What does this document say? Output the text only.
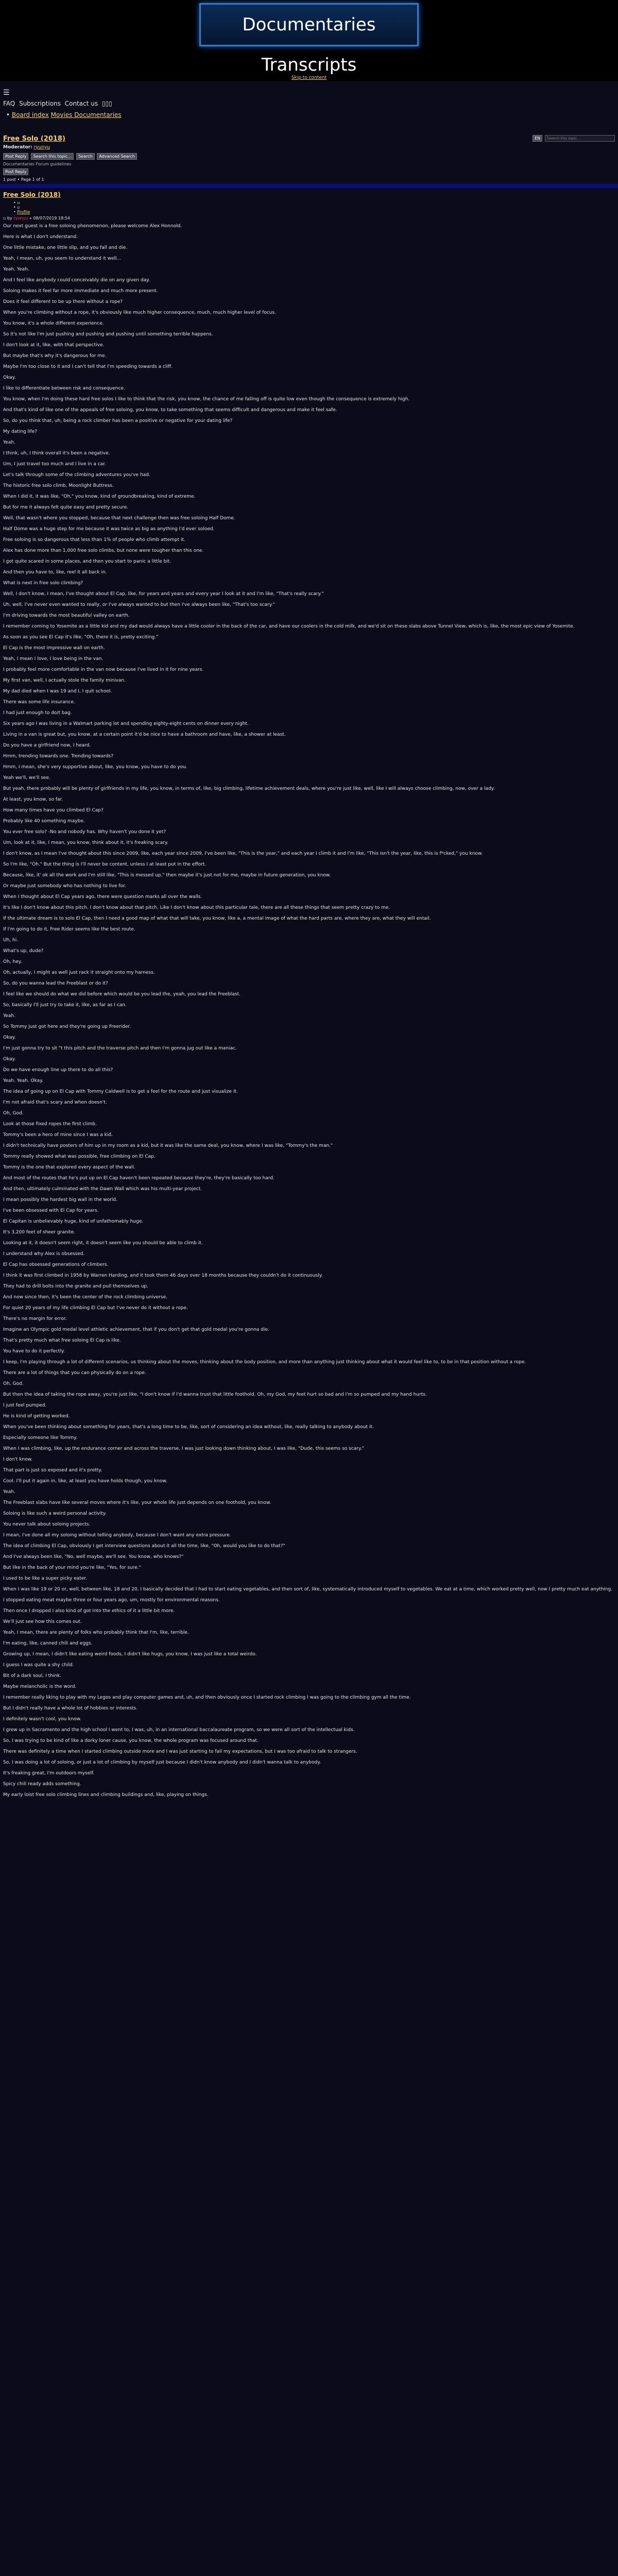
Documentaries Transcripts
Skip to content
☰
FAQ Subscriptions Contact us ▯▯▯
• Board index Movies Documentaries
Free Solo (2018)
Moderator: ryunyu
Post Reply Search this topic… Search Advanced Search
EN Search this topic…
Documentaries Forum guidelines
Post Reply
1 post • Page 1 of 1
Free Solo (2018)
• ▫
• ▫
• Profile
▫ by ryunyu » 08/07/2019 18:54

Our next guest is a free soloing phenomenon, please welcome Alex Honnold.

Here is what I don't understand.

One little mistake, one little slip, and you fall and die.

Yeah, I mean, uh, you seem to understand it well...

Yeah. Yeah.

And I feel like anybody could conceivably die on any given day.

Soloing makes it feel far more immediate and much more present.

Does it feel different to be up there without a rope?

When you're climbing without a rope, it's obviously like much higher consequence, much, much higher level of focus.

You know, it's a whole different experience.

So it's not like I'm just pushing and pushing and pushing until something terrible happens.

I don't look at it, like, with that perspective.

But maybe that's why it's dangerous for me.

Maybe I'm too close to it and I can't tell that I'm speeding towards a cliff.

Okay.

I like to differentiate between risk and consequence.

You know, when I'm doing these hard free solos I like to think that the risk, you know, the chance of me falling off is quite low even though the consequence is extremely high.

And that's kind of like one of the appeals of free soloing, you know, to take something that seems difficult and dangerous and make it feel safe.

So, do you think that, uh, being a rock climber has been a positive or negative for your dating life?

My dating life?

Yeah.

I think, uh, I think overall it's been a negative.

Um, I just travel too much and I live in a car.

Let's talk through some of the climbing adventures you've had.

The historic free solo climb, Moonlight Buttress.

When I did it, it was like, "Oh," you know, kind of groundbreaking, kind of extreme.

But for me it always felt quite easy and pretty secure.

Well, that wasn't where you stopped, because that next challenge then was free soloing Half Dome.

Half Dome was a huge step for me because it was twice as big as anything I'd ever soloed.

Free soloing is so dangerous that less than 1% of people who climb attempt it.

Alex has done more than 1,000 free solo climbs, but none were tougher than this one.

I got quite scared in some places, and then you start to panic a little bit.

And then you have to, like, reel it all back in.

What is next in free solo climbing?

Well, I don't know, I mean, I've thought about El Cap, like, for years and years and every year I look at it and I'm like, "That's really scary."

Uh, well, I've never even wanted to really, or I've always wanted to but then I've always been like, "That's too scary."

I'm driving towards the most beautiful valley on earth.

I remember coming to Yosemite as a little kid and my dad would always have a little cooler in the back of the car, and have our coolers in the cold milk, and we'd sit on these slabs above Tunnel View, which is, like, the most epic view of Yosemite.

As soon as you see El Cap it's like, "Oh, there it is, pretty exciting."

El Cap is the most impressive wall on earth.

Yeah, I mean I love, I love being in the van.

I probably feel more comfortable in the van now because I've lived in it for nine years.

My first van, well, I actually stole the family minivan.

My dad died when I was 19 and I, I quit school.

There was some life insurance.

I had just enough to do/t bag.

Six years ago I was living in a Walmart parking lot and spending eighty-eight cents on dinner every night.

Living in a van is great but, you know, at a certain point it'd be nice to have a bathroom and have, like, a shower at least.

Do you have a girlfriend now, I heard.

Hmm, trending towards one. Trending towards?

Hmm, I mean, she's very supportive about, like, you know, you have to do you.

Yeah we'll, we'll see.

But yeah, there probably will be plenty of girlfriends in my life, you know, in terms of, like, big climbing, lifetime achievement deals, where you're just like, well, like I will always choose climbing, now, over a lady.

At least, you know, so far.

How many times have you climbed El Cap?

Probably like 40 something maybe.

You ever free solo? -No and nobody has. Why haven't you done it yet?

Um, look at it, like, I mean, you know, think about it, it's freaking scary.

I don't know, as I mean I've thought about this since 2009, like, each year since 2009, I've been like, "This is the year," and each year I climb it and I'm like, "This isn't the year, like, this is f*cked," you know.

So I'm like, "Oh." But the thing is I'll never be content, unless I at least put in the effort.

Because, like, it' ok all the work and I'm still like, "This is messed up," then maybe it's just not for me, maybe in future generation, you know.

Or maybe just somebody who has nothing to live for.

When I thought about El Cap years ago, there were question marks all over the walls.

It's like I don't know about this pitch. I don't know about that pitch. Like I don't know about this particular tale, there are all these things that seem pretty crazy to me.

If the ultimate dream is to solo El Cap, then I need a good map of what that will take, you know, like a, a mental image of what the hard parts are, where they are, what they will entail.

If I'm going to do it, Free Rider seems like the best route.

Uh, hi.

What's up, dude?

Oh, hey.

Oh, actually, I might as well just rack it straight onto my harness.

So, do you wanna lead the Freeblast or do it?

I feel like we should do what we did before which would be you lead the, yeah, you lead the Freeblast.

So, basically I'll just try to take it, like, as far as I can.

Yeah.

So Tommy just got here and they're going up Freerider.

Okay.

I'm just gonna try to sit "t this pitch and the traverse pitch and then I'm gonna jug out like a maniac.

Okay.

Do we have enough line up there to do all this?

Yeah. Yeah. Okay.

The idea of going up on El Cap with Tommy Caldwell is to get a feel for the route and just visualize it.

I'm not afraid that's scary and when doesn't.

Oh, God.

Look at those fixed ropes the first climb.

Tommy's been a hero of mine since I was a kid.

I didn't technically have posters of him up in my room as a kid, but it was like the same deal, you know, where I was like, "Tommy's the man."

Tommy really showed what was possible, free climbing on El Cap.

Tommy is the one that explored every aspect of the wall.

And most of the routes that he's put up on El Cap haven't been repeated because they're, they're basically too hard.

And then, ultimately culminated with the Dawn Wall which was his multi-year project.

I mean possibly the hardest big wall in the world.

I've been obsessed with El Cap for years.

El Capitan is unbelievably huge, kind of unfathomably huge.

It's 3,200 feet of sheer granite.

Looking at it, it doesn't seem right, it doesn't seem like you should be able to climb it.

I understand why Alex is obsessed.

El Cap has obsessed generations of climbers.

I think it was first climbed in 1958 by Warren Harding, and it took them 46 days over 18 months because they couldn't do it continuously.

They had to drill bolts into the granite and pull themselves up.

And now since then, it's been the center of the rock climbing universe.

For quiet 20 years of my life climbing El Cap but I've never do it without a rope.

There's no margin for error.

Imagine an Olympic gold medal level athletic achievement, that if you don't get that gold medal you're gonna die.

That's pretty much what free soloing El Cap is like.

You have to do it perfectly.

I keep, I'm playing through a lot of different scenarios, us thinking about the moves, thinking about the body position, and more than anything just thinking about what it would feel like to, to be in that position without a rope.

There are a lot of things that you can physically do on a rope.

Oh, God.

But then the idea of taking the rope away, you're just like, "I don't know if I'd wanna trust that little foothold. Oh, my God, my feet hurt so bad and I'm so pumped and my hand hurts.

I just feel pumped.

He is kind of getting worked.

When you've been thinking about something for years, that's a long time to be, like, sort of considering an idea without, like, really talking to anybody about it.

Especially someone like Tommy.

When I was climbing, like, up the endurance corner and across the traverse, I was just looking down thinking about, I was like, "Dude, this seems so scary."

I don't know.

That part is just so exposed and it's pretty.

Cool. I'll put it again in, like, at least you have holds though, you know.

Yeah.

The Freeblast slabs have like several moves where it's like, your whole life just depends on one foothold, you know.

Soloing is like such a weird personal activity.

You never talk about soloing projects.

I mean, I've done all my soloing without telling anybody, because I don't want any extra pressure.

The idea of climbing El Cap, obviously I get interview questions about it all the time, like, "Oh, would you like to do that?"

And I've always been like, "No, well maybe, we'll see. You know, who knows?"

But like in the back of your mind you're like, "Yes, for sure."

I used to be like a super picky eater.

When I was like 19 or 20 or, well, between like, 18 and 20, I basically decided that I had to start eating vegetables, and then sort of, like, systematically introduced myself to vegetables. We eat at a time, which worked pretty well, now I pretty much eat anything.

I stopped eating meat maybe three or four years ago, um, mostly for environmental reasons.

Then once I dropped I also kind of got into the ethics of it a little bit more.

We'll just see how this comes out.

Yeah, I mean, there are plenty of folks who probably think that I'm, like, terrible.

I'm eating, like, canned chili and eggs.

Growing up, I mean, I didn't like eating weird foods, I didn't like hugs, you know, I was just like a total weirdo.

I guess I was quite a shy child.

Bit of a dark soul, I think.

Maybe melancholic is the word.

I remember really liking to play with my Legos and play computer games and, uh, and then obviously once I started rock climbing I was going to the climbing gym all the time.

But I didn't really have a whole lot of hobbies or interests.

I definitely wasn't cool, you know.

I grew up in Sacramento and the high school I went to, I was, uh, in an international baccalaureate program, so we were all sort of the intellectual kids.

So, I was trying to be kind of like a dorky loner cause, you know, the whole program was focused around that.

There was definitely a time when I started climbing outside more and I was just starting to fail my expectations, but I was too afraid to talk to strangers.

So, I was doing a lot of soloing, or just a lot of climbing by myself just because I didn't know anybody and I didn't wanna talk to anybody.

It's freaking great, I'm outdoors myself.

Spicy chili ready adds something.

My early loist free solo climbing lines and climbing buildings and, like, playing on things.
